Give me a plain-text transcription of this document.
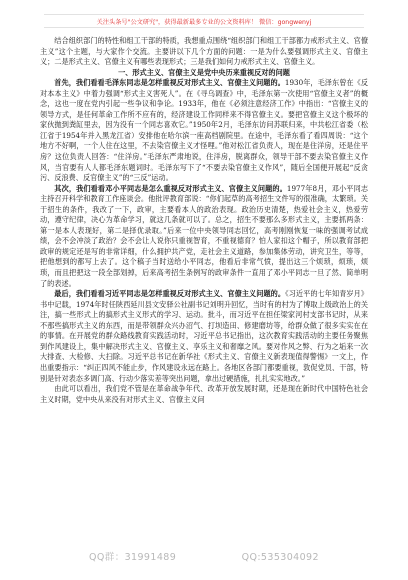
关注头条号"公文研究"，获得最新最多专业的公文资料库！ 微信：gongwenyj

结合组织部门的特性和组工干部的特质，我想重点围绕“组织部门和组工干部都力戒形式主义、官僚主义”这个主题，与大家作个交流。主要讲以下几个方面的问题：一是为什么要强调形式主义、官僚主义；二是形式主义、官僚主义有哪些表现形式；三是我们如何力戒形式主义、官僚主义。

一、形式主义、官僚主义是党中央历来重视反对的问题

首先，我们看看毛泽东同志是怎样重视反对形式主义、官僚主义问题的。1930年，毛泽东曾在《反对本本主义》中着力强调“形式主义害死人”。在《寻乌调查》中，毛泽东第一次使用“官僚主义者”的概念，这也一度在党内引起一些争议和争论。1933年，他在《必须注意经济工作》中指出：“官僚主义的领导方式，是任何革命工作所不应有的，经济建设工作同样来不得官僚主义。要把官僚主义这个极坏的家伙抛到粪缸里去，因为没有一个同志喜欢它。”1950年2月，毛泽东访问苏联归来，中共松江省委（松江省于1954年并入黑龙江省）安排他在哈尔滨一座高档剧院里。在途中，毛泽东看了看四周说：“这个地方不好啊，一个人住在这里，不去染官僚主义才怪哩。”他对松江省负责人，现在是住洋房，还是住平房？这位负责人回答：“住洋房。”毛泽东严肃地说，住洋房，脱离群众，领导干部不要去染官僚主义作风，当官要有人人都毛泽东题词时。毛泽东写下了“不要去染官僚主义作风”，随后全国便开展起“反贪污、反浪费、反官僚主义”的“三反”运动。

其次，我们看看邓小平同志是怎么重视反对形式主义、官僚主义问题的。1977年8月，邓小平同志主持召开科学和教育工作座谈会。他批评教育部说：“你们起草的高考招生文件写的很准确，太繁琐。关于招生的条件，我改了一下，政审，主要看本人的政治表现。政治历史清楚，热爱社会主义，热爱劳动，遵守纪律，决心为革命学习，就这几条就可以了。总之，招生不要那么多形式主义，主要抓两条：第一是本人表现好，第二是择优录取。”后来一位中央领导同志回忆，高考刚刚恢复一味的强调考试成绩，会不会冲淡了政治？会不会让人说你只重视智育，不重视德育？怕人家扣这个帽子，所以教育部把政审的规定还是写的非常详细，什么拥护共产党，走社会主义道路，参加集体劳动，讲究卫生，等等，把他想到的都写上去了。这个稿子当时送给小平同志，他看后非常气愤，提出这三个烦琐，烦琐，烦琐，而且把把这一段全部划掉，后来高考招生条例写的政审条件一直用了邓小平同志一旦了然、简单明了的表述。

最后，我们看看习近平同志是怎样重视反对形式主义、官僚主义问题的。《习近平的七年知青岁月》书中记载，1974年时任陕西延川县文安驿公社副书记刘明升回忆，当时有的村为了博取上级政治上的关注，搞一些形式上的搞形式主义形式的学习、运动。批斗，而习近平在担任梁家河村支部书记时，从来不那些搞形式主义的东西，而是带领群众兴办沼气、打坝造田、修建磨坊等，给群众做了很多实实在在的事情。在开展党的群众路线教育实践活动时，习近平总书记指出，这次教育实践活动的主要任务聚焦到作风建设上，集中解决形式主义、官僚主义、享乐主义和奢靡之风。要对作风之弊、行为之垢来一次大排查、大检修、大扫除。习近平总书记在新华社《形式主义、官僚主义新表现值得警惕》一文上，作出重要指示：“纠正四风不能止步，作风建设永远在路上。各地区各部门都要重视，敦促党员、干部，特别是针对表态多调门高、行动少落实差等突出问题，拿出过硬措施，扎扎实实地改。”

由此可以看出，我们党不管是在革命战争年代、改革开放发展时期，还是现在新时代中国特色社会主义时期，党中央从来没有对形式主义、官僚主义问

QQ群：31991489	QQ:535304092
